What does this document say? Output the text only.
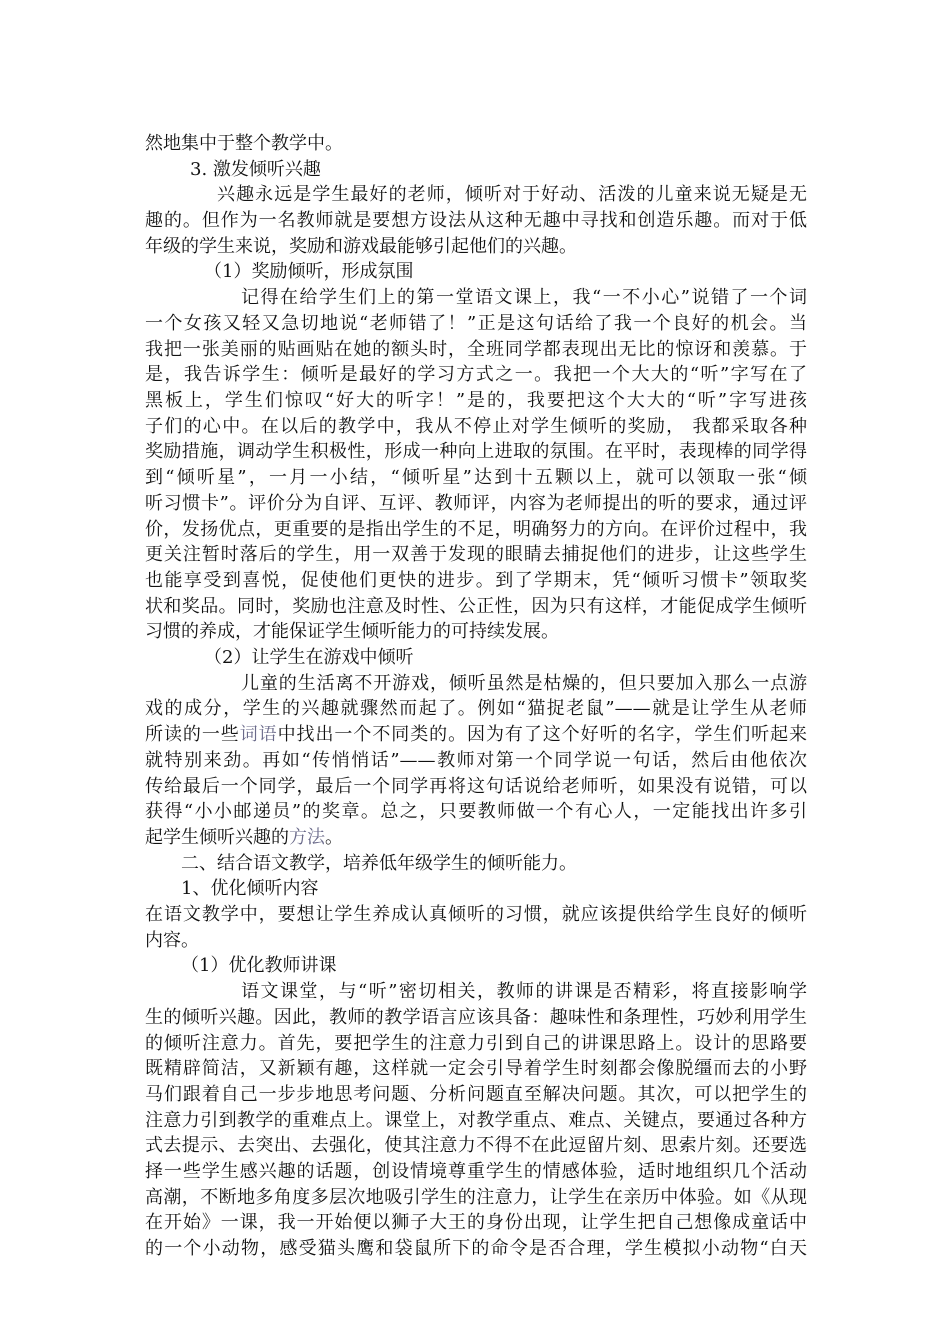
然地集中于整个教学中。
3. 激发倾听兴趣
兴趣永远是学生最好的老师，倾听对于好动、活泼的儿童来说无疑是无
趣的。但作为一名教师就是要想方设法从这种无趣中寻找和创造乐趣。而对于低
年级的学生来说，奖励和游戏最能够引起他们的兴趣。
（1）奖励倾听，形成氛围
记得在给学生们上的第一堂语文课上，我“一不小心”说错了一个词
一个女孩又轻又急切地说“老师错了！”正是这句话给了我一个良好的机会。当
我把一张美丽的贴画贴在她的额头时，全班同学都表现出无比的惊讶和羡慕。于
是，我告诉学生：倾听是最好的学习方式之一。我把一个大大的“听”字写在了
黑板上，学生们惊叹“好大的听字！”是的，我要把这个大大的“听”字写进孩
子们的心中。在以后的教学中，我从不停止对学生倾听的奖励， 我都采取各种
奖励措施，调动学生积极性，形成一种向上进取的氛围。在平时，表现棒的同学得
到“倾听星”，一月一小结，“倾听星”达到十五颗以上，就可以领取一张“倾
听习惯卡”。评价分为自评、互评、教师评，内容为老师提出的听的要求，通过评
价，发扬优点，更重要的是指出学生的不足，明确努力的方向。在评价过程中，我
更关注暂时落后的学生，用一双善于发现的眼睛去捕捉他们的进步，让这些学生
也能享受到喜悦，促使他们更快的进步。到了学期末，凭“倾听习惯卡”领取奖
状和奖品。同时，奖励也注意及时性、公正性，因为只有这样，才能促成学生倾听
习惯的养成，才能保证学生倾听能力的可持续发展。
（2）让学生在游戏中倾听
儿童的生活离不开游戏，倾听虽然是枯燥的，但只要加入那么一点游
戏的成分，学生的兴趣就骤然而起了。例如“猫捉老鼠”——就是让学生从老师
所读的一些词语中找出一个不同类的。因为有了这个好听的名字，学生们听起来
就特别来劲。再如“传悄悄话”——教师对第一个同学说一句话，然后由他依次
传给最后一个同学，最后一个同学再将这句话说给老师听，如果没有说错，可以
获得“小小邮递员”的奖章。总之，只要教师做一个有心人，一定能找出许多引
起学生倾听兴趣的方法。
二、结合语文教学，培养低年级学生的倾听能力。
1、优化倾听内容
在语文教学中，要想让学生养成认真倾听的习惯，就应该提供给学生良好的倾听
内容。
（1）优化教师讲课
语文课堂，与“听”密切相关，教师的讲课是否精彩，将直接影响学
生的倾听兴趣。因此，教师的教学语言应该具备：趣味性和条理性，巧妙利用学生
的倾听注意力。首先，要把学生的注意力引到自己的讲课思路上。设计的思路要
既精辟简洁，又新颖有趣，这样就一定会引导着学生时刻都会像脱缰而去的小野
马们跟着自己一步步地思考问题、分析问题直至解决问题。其次，可以把学生的
注意力引到教学的重难点上。课堂上，对教学重点、难点、关键点，要通过各种方
式去提示、去突出、去强化，使其注意力不得不在此逗留片刻、思索片刻。还要选
择一些学生感兴趣的话题，创设情境尊重学生的情感体验，适时地组织几个活动
高潮，不断地多角度多层次地吸引学生的注意力，让学生在亲历中体验。如《从现
在开始》一课，我一开始便以狮子大王的身份出现，让学生把自己想像成童话中
的一个小动物，感受猫头鹰和袋鼠所下的命令是否合理，学生模拟小动物“白天
